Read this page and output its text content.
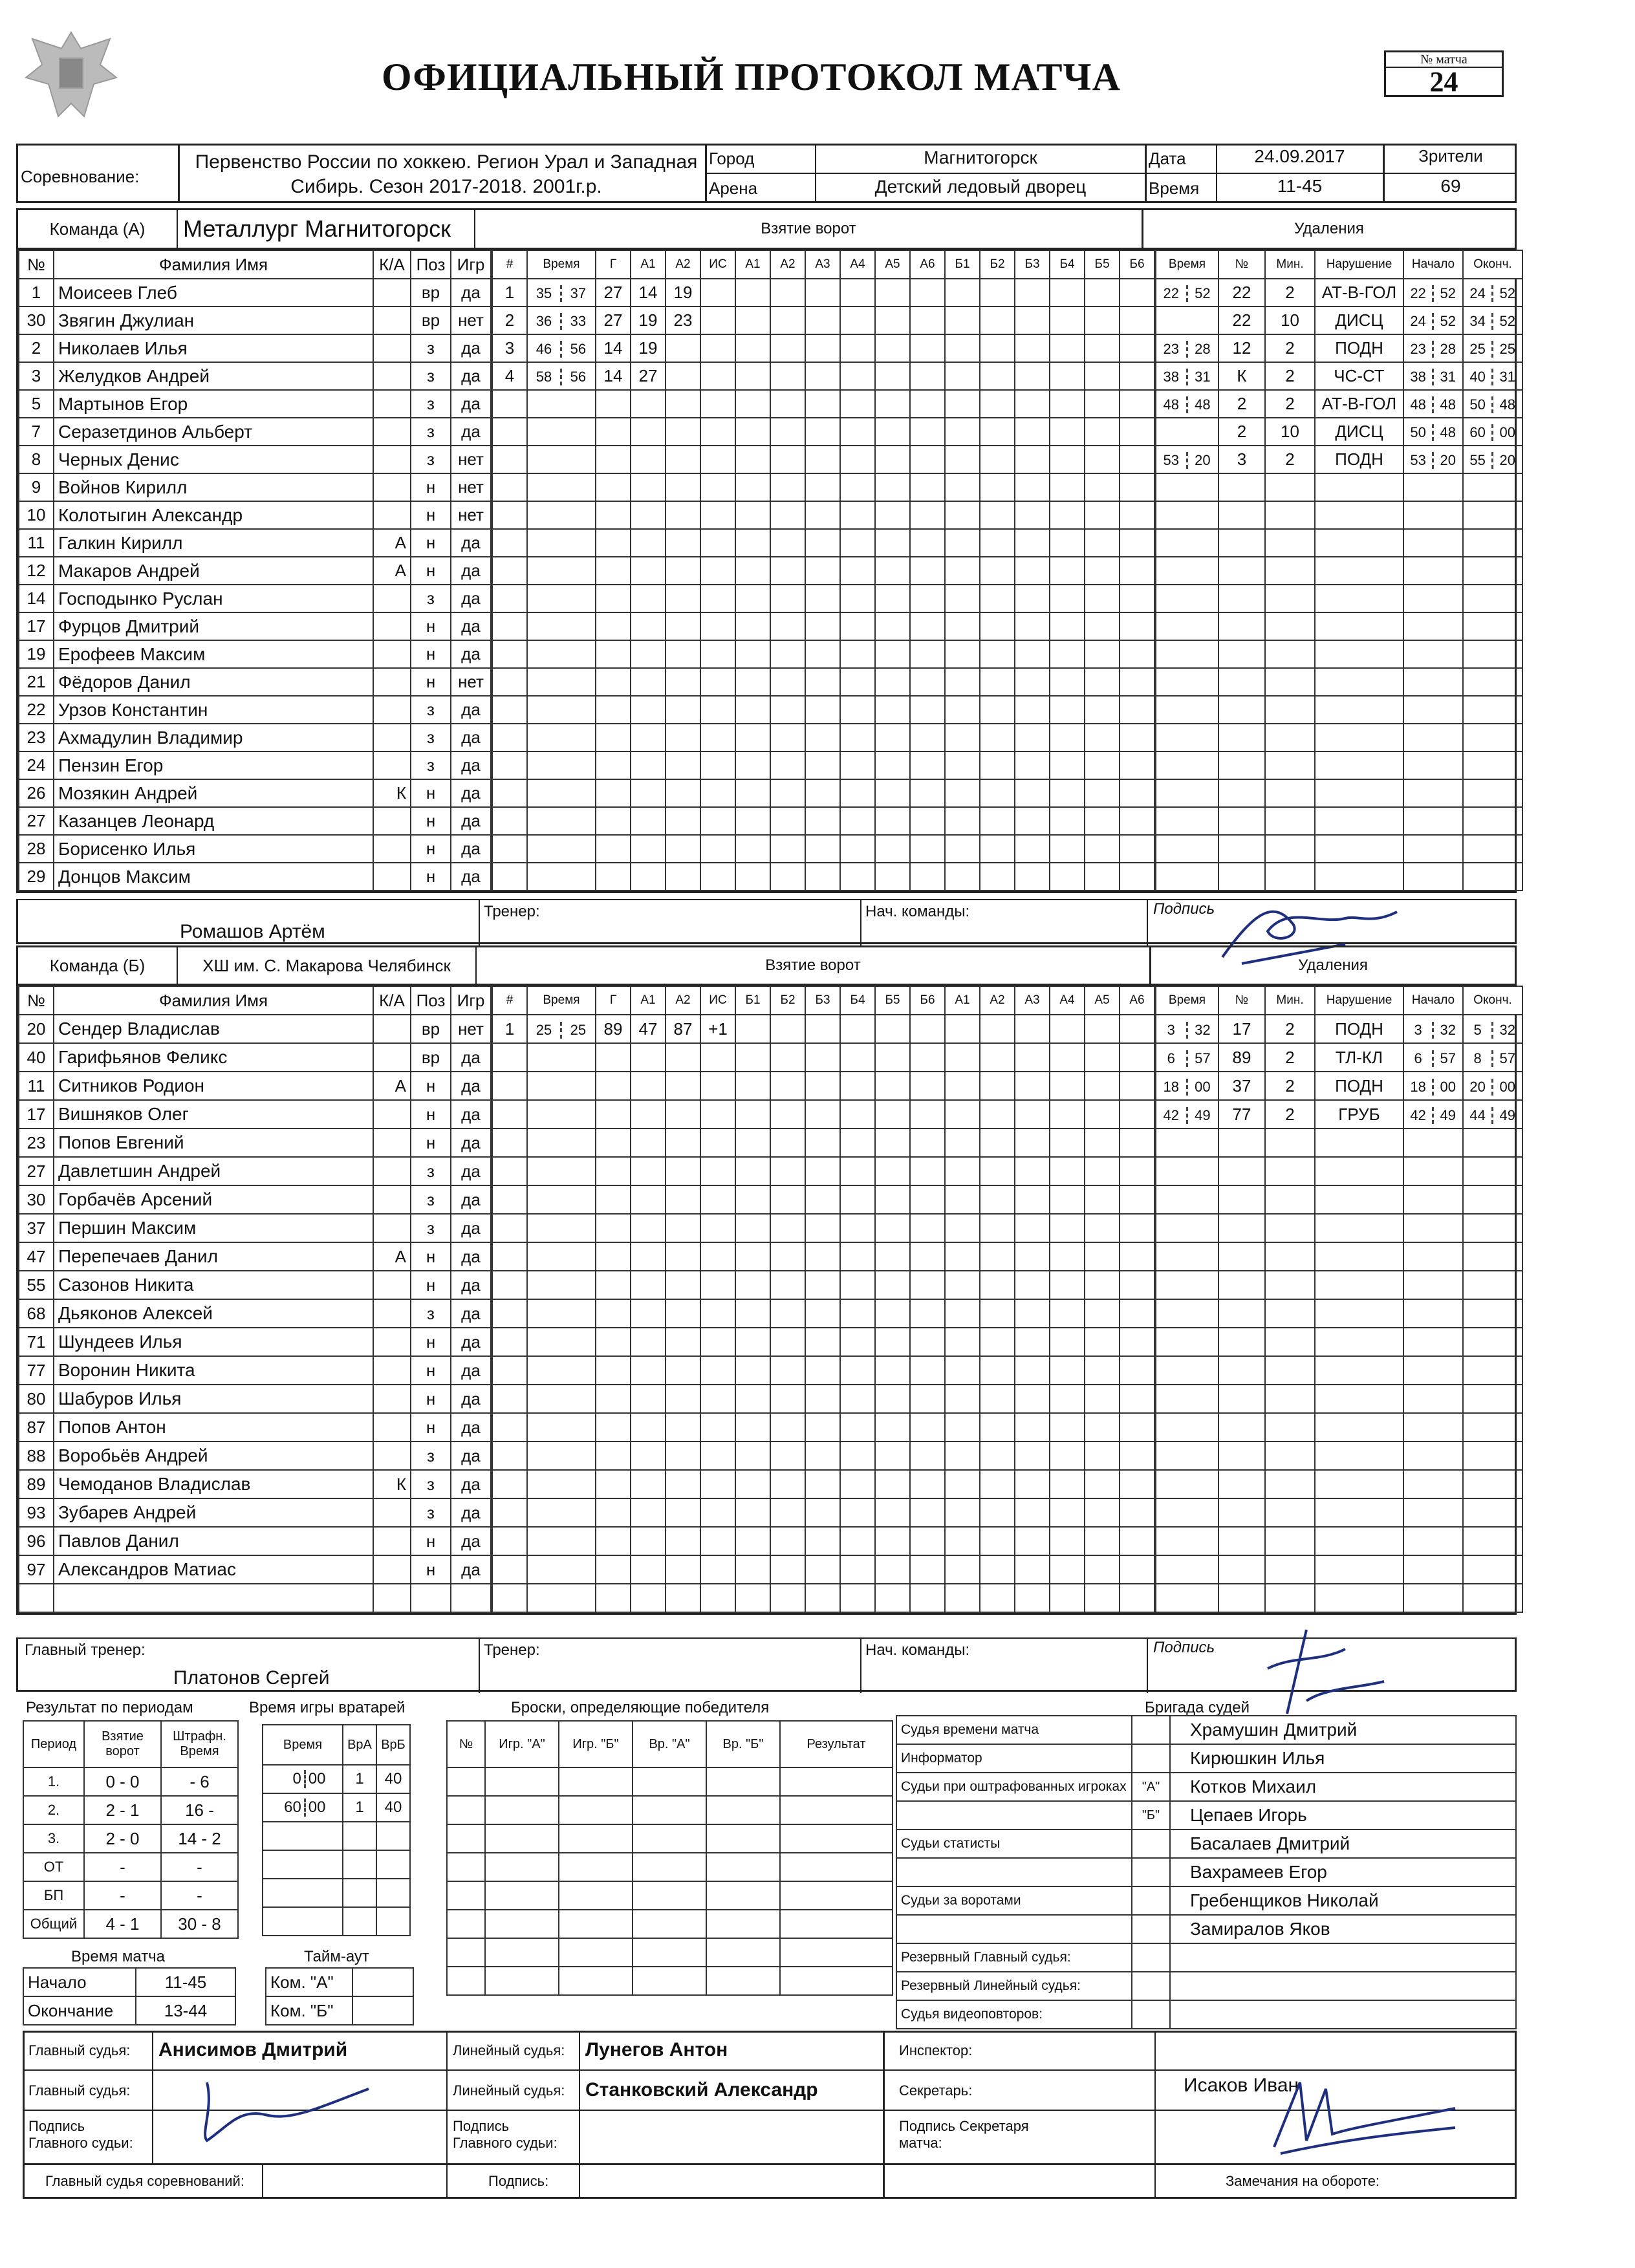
ОФИЦИАЛЬНЫЙ ПРОТОКОЛ МАТЧА	№ матча
24
Соревнование:
Первенство России по хоккею. Регион Урал и Западная Сибирь. Сезон 2017-2018. 2001г.р.
Город
Арена
Магнитогорск
Детский ледовый дворец
Дата
Время
24.09.2017
11-45
Зрители
69
Команда (А)	Металлург Магнитогорск	Взятие ворот	Удаления
№	Фамилия Имя	К/А	Поз	Игр
1	Моисеев Глеб		вр	да
30	Звягин Джулиан		вр	нет
2	Николаев Илья		з	да
3	Желудков Андрей		з	да
5	Мартынов Егор		з	да
7	Серазетдинов Альберт		з	да
8	Черных Денис		з	нет
9	Войнов Кирилл		н	нет
10	Колотыгин Александр		н	нет
11	Галкин Кирилл	А	н	да
12	Макаров Андрей	А	н	да
14	Господынко Руслан		з	да
17	Фурцов Дмитрий		н	да
19	Ерофеев Максим		н	да
21	Фёдоров Данил		н	нет
22	Урзов Константин		з	да
23	Ахмадулин Владимир		з	да
24	Пензин Егор		з	да
26	Мозякин Андрей	К	н	да
27	Казанцев Леонард		н	да
28	Борисенко Илья		н	да
29	Донцов Максим		н	да
#	Время	Г	А1	А2	ИС	А1	А2	А3	А4	А5	А6	Б1	Б2	Б3	Б4	Б5	Б6
1	35 37	27	14	19													
2	36 33	27	19	23													
3	46 56	14	19														
4	58 56	14	27														

Время	№	Мин.	Нарушение	Начало	Оконч.
22 52	22	2	АТ-В-ГОЛ	22 52	24 52
	22	10	ДИСЦ	24 52	34 52
23 28	12	2	ПОДН	23 28	25 25
38 31	К	2	ЧС-СТ	38 31	40 31
48 48	2	2	АТ-В-ГОЛ	48 48	50 48
	2	10	ДИСЦ	50 48	60 00
53 20	3	2	ПОДН	53 20	55 20

Ромашов Артём
Тренер:	Нач. команды:	Подпись
Команда (Б)	ХШ им. С. Макарова Челябинск	Взятие ворот	Удаления
№	Фамилия Имя	К/А	Поз	Игр
20	Сендер Владислав		вр	нет
40	Гарифьянов Феликс		вр	да
11	Ситников Родион	А	н	да
17	Вишняков Олег		н	да
23	Попов Евгений		н	да
27	Давлетшин Андрей		з	да
30	Горбачёв Арсений		з	да
37	Першин Максим		з	да
47	Перепечаев Данил	А	н	да
55	Сазонов Никита		н	да
68	Дьяконов Алексей		з	да
71	Шундеев Илья		н	да
77	Воронин Никита		н	да
80	Шабуров Илья		н	да
87	Попов Антон		н	да
88	Воробьёв Андрей		з	да
89	Чемоданов Владислав	К	з	да
93	Зубарев Андрей		з	да
96	Павлов Данил		н	да
97	Александров Матиас		н	да

#	Время	Г	А1	А2	ИС	Б1	Б2	Б3	Б4	Б5	Б6	А1	А2	А3	А4	А5	А6
1	25 25	89	47	87	+1												

Время	№	Мин.	Нарушение	Начало	Оконч.
3 32	17	2	ПОДН	3 32	5 32
6 57	89	2	ТЛ-КЛ	6 57	8 57
18 00	37	2	ПОДН	18 00	20 00
42 49	77	2	ГРУБ	42 49	44 49

Главный тренер:
Платонов Сергей
Тренер:	Нач. команды:	Подпись
Результат по периодам
Период	Взятие ворот	Штрафн. Время
1.	0 - 0	- 6
2.	2 - 1	16 -
3.	2 - 0	14 - 2
ОТ	-	-
БП	-	-
Общий	4 - 1	30 - 8
Время игры вратарей
Время	ВрА	ВрБ
0 00	1	40
60 00	1	40

Броски, определяющие победителя
№	Игр. "А"	Игр. "Б"	Вр. "А"	Вр. "Б"	Результат

Время матча
Начало	11-45
Окончание	13-44
Тайм-аут
Ком. "А"	
Ком. "Б"	
Бригада судей
Судья времени матча		Храмушин Дмитрий
Информатор		Кирюшкин Илья
Судьи при оштрафованных игроках	"А"	Котков Михаил
	"Б"	Цепаев Игорь
Судьи статисты		Басалаев Дмитрий
		Вахрамеев Егор
Судьи за воротами		Гребенщиков Николай
		Замиралов Яков
Резервный Главный судья:		
Резервный Линейный судья:		
Судья видеоповторов:		
Главный судья: Анисимов Дмитрий
Главный судья:
Подпись Главного судьи:
Линейный судья: Лунегов Антон
Линейный судья: Станковский Александр
Подпись Главного судьи:
Главный судья соревнований:	Подпись:
Инспектор:
Секретарь:	Исаков Иван
Подпись Секретаря матча:
Замечания на обороте:
